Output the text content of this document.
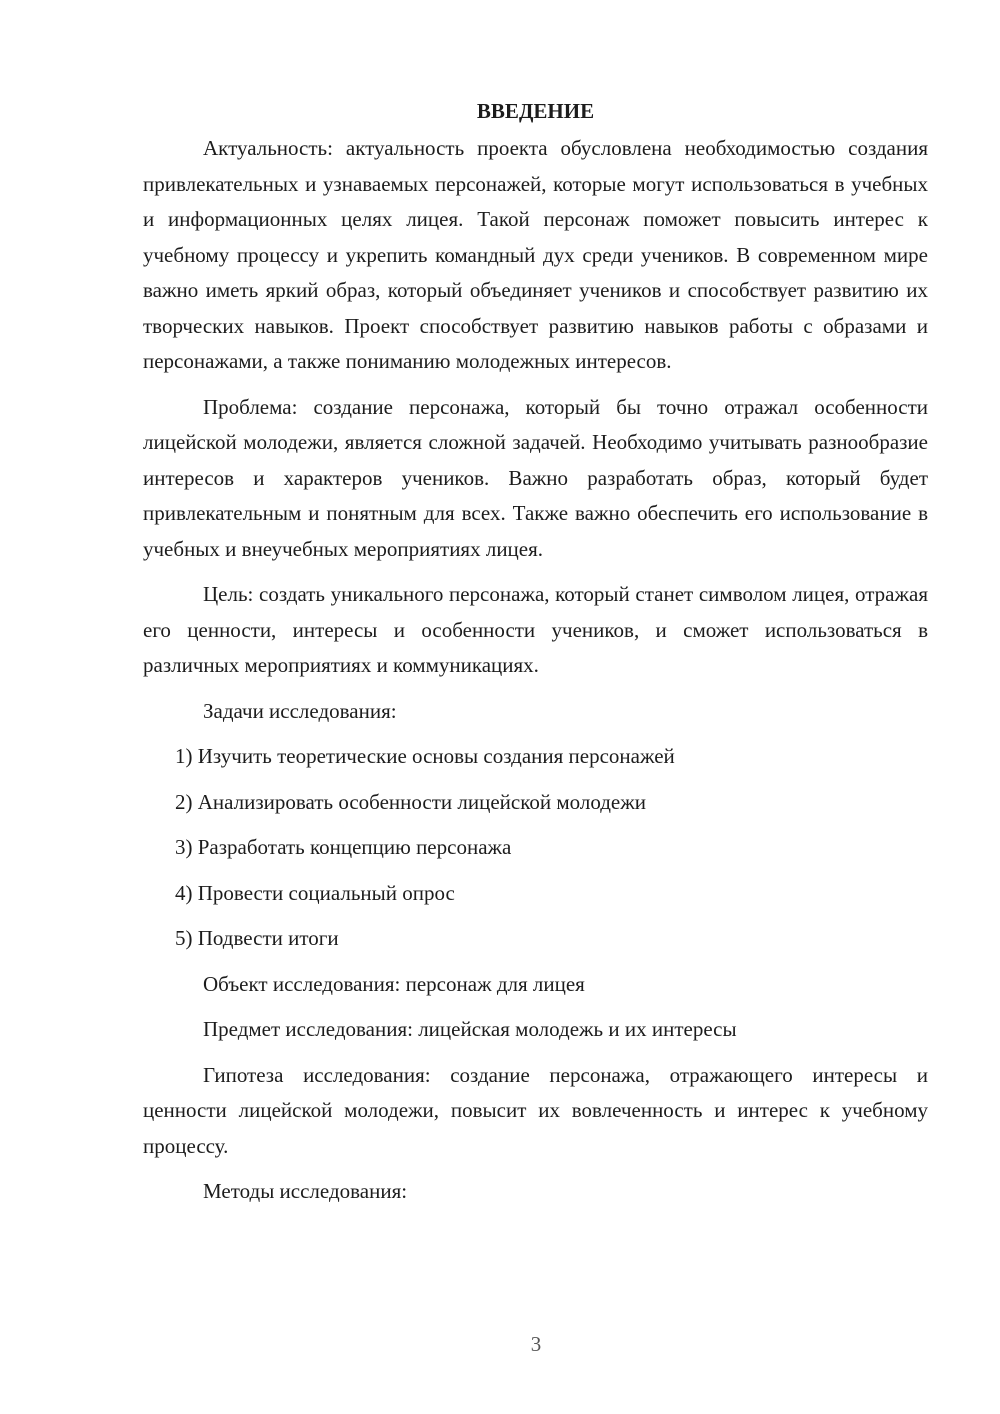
ВВЕДЕНИЕ

Актуальность: актуальность проекта обусловлена необходимостью создания привлекательных и узнаваемых персонажей, которые могут использоваться в учебных и информационных целях лицея. Такой персонаж поможет повысить интерес к учебному процессу и укрепить командный дух среди учеников. В современном мире важно иметь яркий образ, который объединяет учеников и способствует развитию их творческих навыков. Проект способствует развитию навыков работы с образами и персонажами, а также пониманию молодежных интересов.

Проблема: создание персонажа, который бы точно отражал особенности лицейской молодежи, является сложной задачей. Необходимо учитывать разнообразие интересов и характеров учеников. Важно разработать образ, который будет привлекательным и понятным для всех. Также важно обеспечить его использование в учебных и внеучебных мероприятиях лицея.

Цель: создать уникального персонажа, который станет символом лицея, отражая его ценности, интересы и особенности учеников, и сможет использоваться в различных мероприятиях и коммуникациях.

Задачи исследования:

1) Изучить теоретические основы создания персонажей
2) Анализировать особенности лицейской молодежи
3) Разработать концепцию персонажа
4) Провести социальный опрос
5) Подвести итоги

Объект исследования: персонаж для лицея

Предмет исследования: лицейская молодежь и их интересы

Гипотеза исследования: создание персонажа, отражающего интересы и ценности лицейской молодежи, повысит их вовлеченность и интерес к учебному процессу.

Методы исследования:

3
